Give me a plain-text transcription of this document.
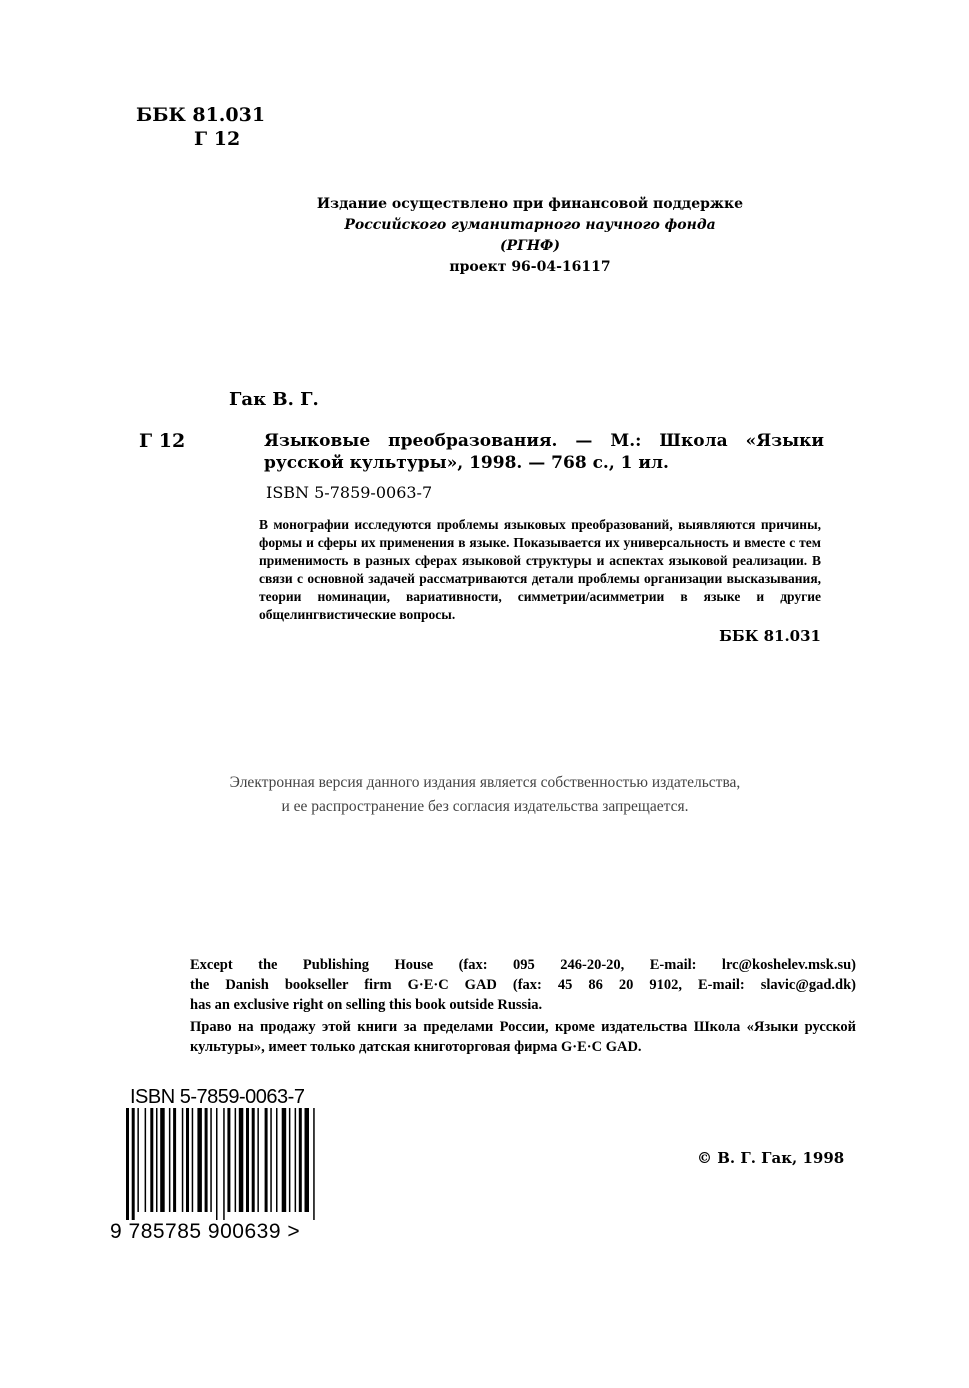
ББК 81.031
Г 12
Издание осуществлено при финансовой поддержке
Российского гуманитарного научного фонда
(РГНФ)
проект 96-04-16117
Гак В. Г.
Г 12	Языковые преобразования. — М.: Школа «Языки русской культуры», 1998. — 768 с., 1 ил.
ISBN 5-7859-0063-7
В монографии исследуются проблемы языковых преобразований, выявляются причины, формы и сферы их применения в языке. Показывается их универсальность и вместе с тем применимость в разных сферах языковой структуры и аспектах языковой реализации. В связи с основной задачей рассматриваются детали проблемы организации высказывания, теории номинации, вариативности, симметрии/асимметрии в языке и другие общелингвистические вопросы.
ББК 81.031
Электронная версия данного издания является собственностью издательства,
и ее распространение без согласия издательства запрещается.
Except the Publishing House (fax: 095 246-20-20, E-mail: lrc@koshelev.msk.su)
the Danish bookseller firm G·E·C GAD (fax: 45 86 20 9102, E-mail: slavic@gad.dk)
has an exclusive right on selling this book outside Russia.
Право на продажу этой книги за пределами России, кроме издательства Школа «Языки русской культуры», имеет только датская книготорговая фирма G·E·C GAD.
ISBN 5-7859-0063-7
9 785785 900639 >
© В. Г. Гак, 1998
